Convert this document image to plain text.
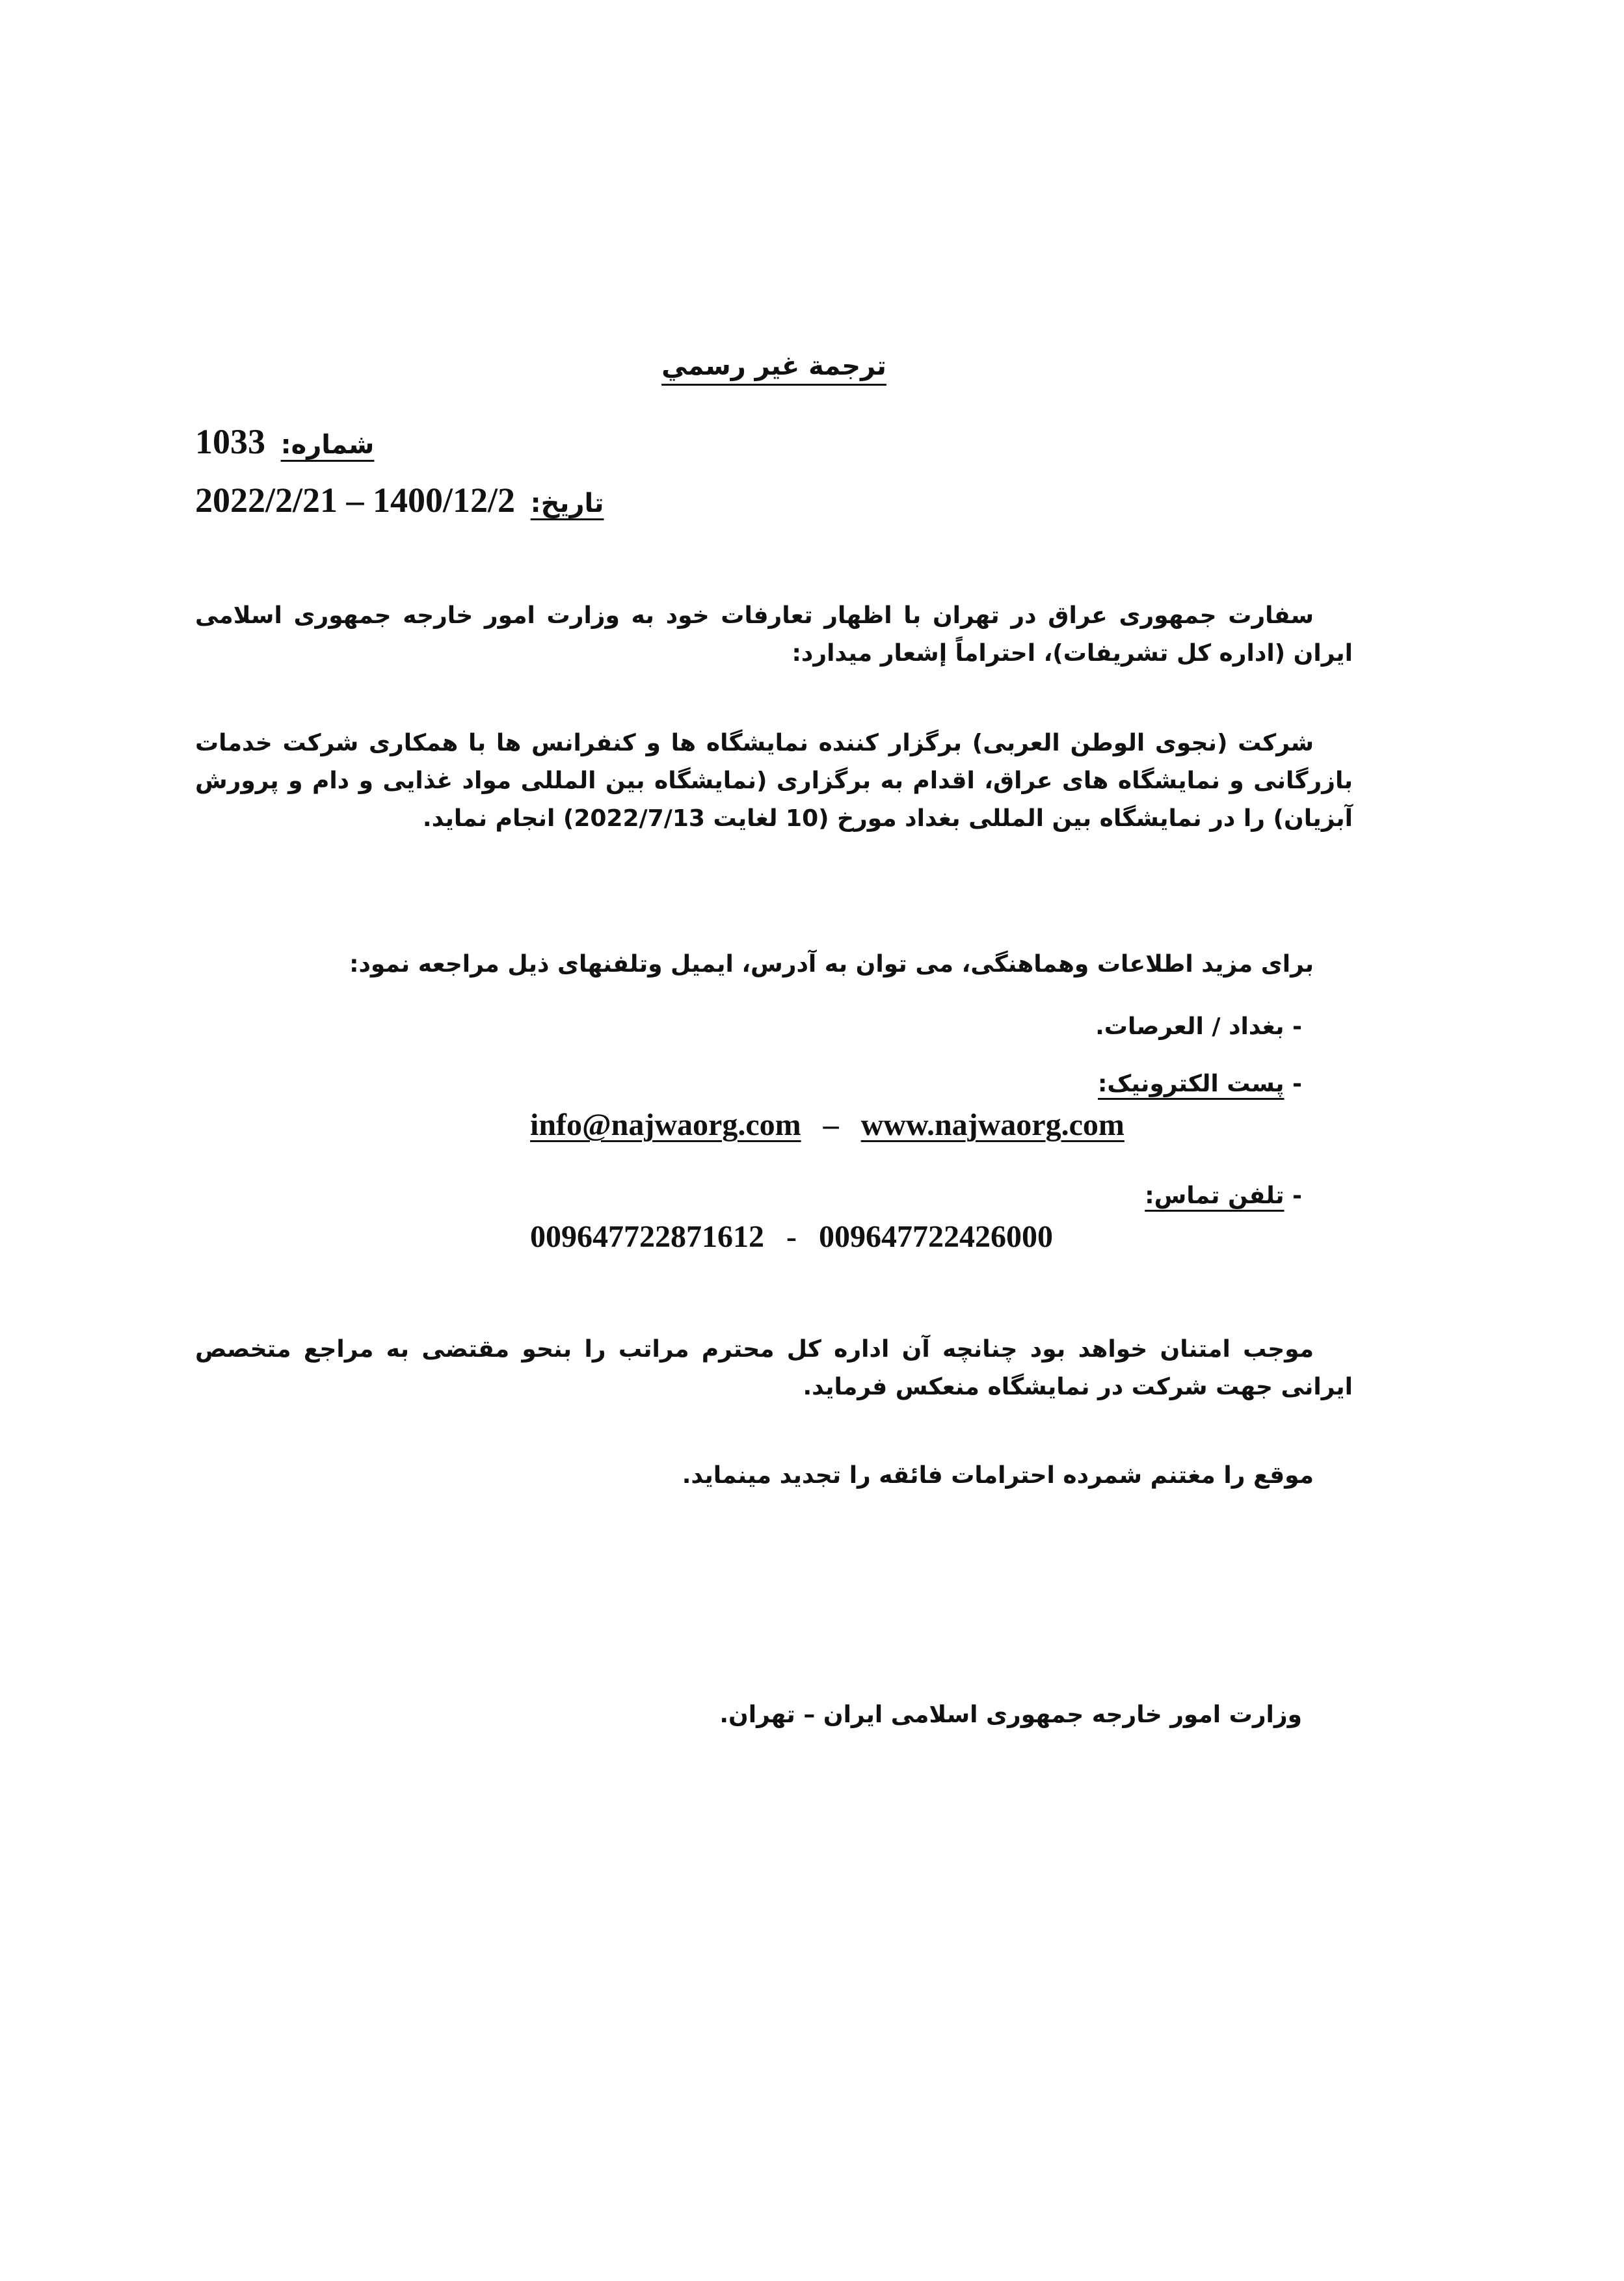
ترجمة غير رسمي
1033 شماره:
2022/2/21 – 1400/12/2 تاريخ:

سفارت جمهوری عراق در تهران با اظهار تعارفات خود به وزارت امور خارجه جمهوری اسلامی ایران (اداره کل تشریفات)، احتراماً إشعار میدارد:

شرکت (نجوى الوطن العربى) برگزار كننده نمایشگاه ها و كنفرانس ها با همکاری شرکت خدمات بازرگانی و نمایشگاه های عراق، اقدام به برگزاری (نمایشگاه بین المللی مواد غذایی و دام و پرورش آبزیان) را در نمایشگاه بین المللی بغداد مورخ (10 لغایت 2022/7/13) انجام نماید.

برای مزید اطلاعات وهماهنگی، می توان به آدرس، ایمیل وتلفنهای ذیل مراجعه نمود:

- بغداد / العرصات.
- پست الكترونيک:
info@najwaorg.com – www.najwaorg.com
- تلفن تماس:
009647722871612 - 009647722426000

موجب امتنان خواهد بود چنانچه آن اداره کل محترم مراتب را بنحو مقتضی به مراجع متخصص ایرانی جهت شرکت در نمایشگاه منعکس فرماید.

موقع را مغتنم شمرده احترامات فائقه را تجدید مینماید.

وزارت امور خارجه جمهوری اسلامی ایران – تهران.
